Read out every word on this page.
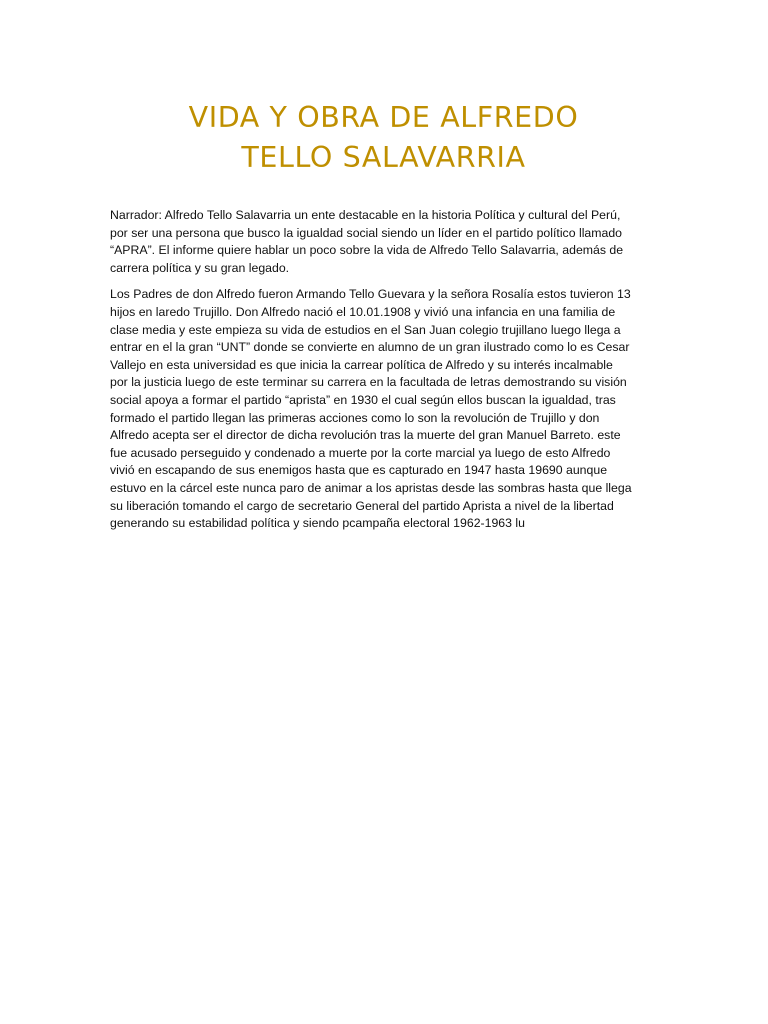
VIDA Y OBRA DE ALFREDO
TELLO SALAVARRIA

Narrador: Alfredo Tello Salavarria un ente destacable en la historia Política y cultural del Perú,
por ser una persona que busco la igualdad social siendo un líder en el partido político llamado
“APRA”. El informe quiere hablar un poco sobre la vida de Alfredo Tello Salavarria, además de
carrera política y su gran legado.

Los Padres de don Alfredo fueron Armando Tello Guevara y la señora Rosalía estos tuvieron 13
hijos en laredo Trujillo. Don Alfredo nació el 10.01.1908 y vivió una infancia en una familia de
clase media y este empieza su vida de estudios en el San Juan colegio trujillano luego llega a
entrar en el la gran “UNT” donde se convierte en alumno de un gran ilustrado como lo es Cesar
Vallejo en esta universidad es que inicia la carrear política de Alfredo y su interés incalmable
por la justicia luego de este terminar su carrera en la facultada de letras demostrando su visión
social apoya a formar el partido “aprista” en 1930 el cual según ellos buscan la igualdad, tras
formado el partido llegan las primeras acciones como lo son la revolución de Trujillo y don
Alfredo acepta ser el director de dicha revolución tras la muerte del gran Manuel Barreto. este
fue acusado perseguido y condenado a muerte por la corte marcial ya luego de esto Alfredo
vivió en escapando de sus enemigos hasta que es capturado en 1947 hasta 19690 aunque
estuvo en la cárcel este nunca paro de animar a los apristas desde las sombras hasta que llega
su liberación tomando el cargo de secretario General del partido Aprista a nivel de la libertad
generando su estabilidad política y siendo pcampaña electoral 1962-1963 lu
